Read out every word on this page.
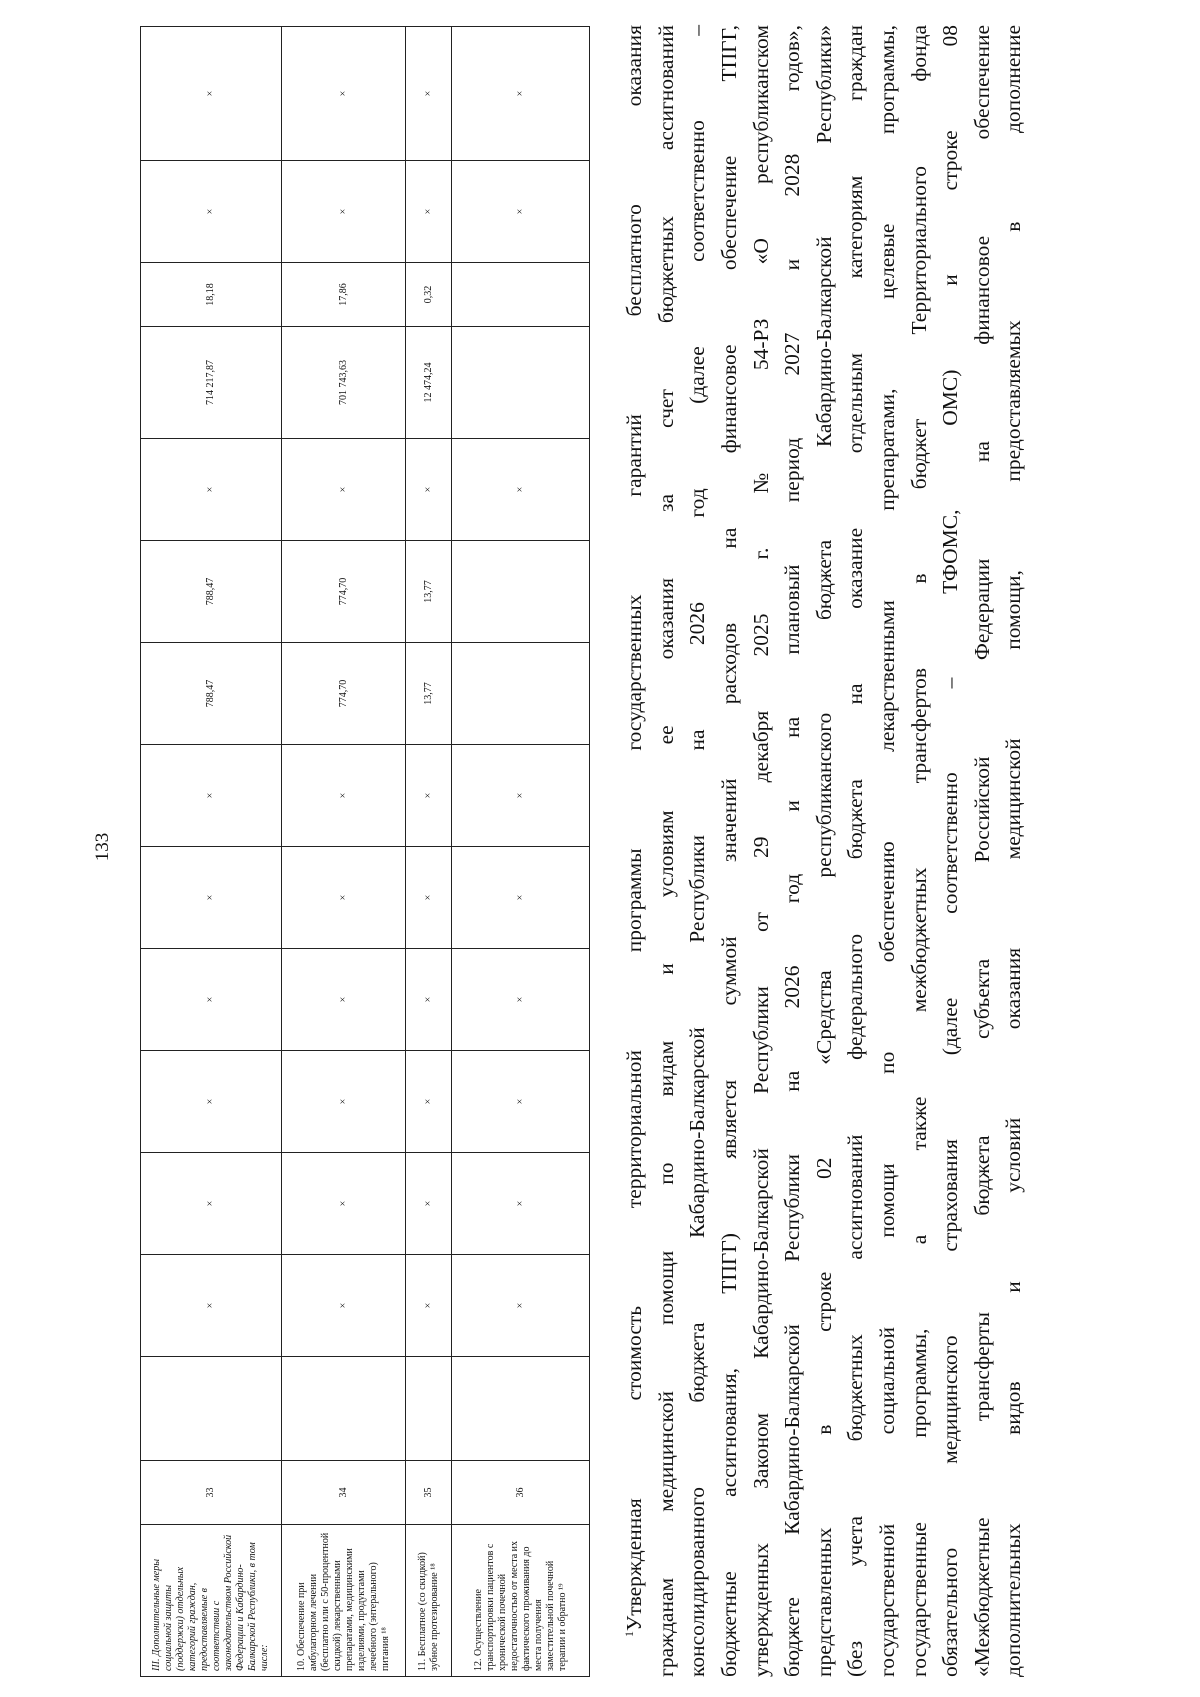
133
III. Дополнительные меры социальной защиты (поддержки) отдельных категорий граждан, предоставляемые в соответствии с законодательством Российской Федерации и Кабардино-Балкарской Республики, в том числе:	33		×	×	×	×	×	×	788,47	788,47	×	714 217,87	18,18	×	×
10. Обеспечение при амбулаторном лечении (бесплатно или с 50-процентной скидкой) лекарственными препаратами, медицинскими изделиями, продуктами лечебного (энтерального) питания ¹⁸	34		×	×	×	×	×	×	774,70	774,70	×	701 743,63	17,86	×	×
11. Бесплатное (со скидкой) зубное протезирование ¹⁸	35		×	×	×	×	×	×	13,77	13,77	×	12 474,24	0,32	×	×
12. Осуществление транспортировки пациентов с хронической почечной недостаточностью от места их фактического проживания до места получения заместительной почечной терапии и обратно ¹⁹	36		×	×	×	×	×	×			×			×	×
$^1$Утвержденная стоимость территориальной программы государственных гарантий бесплатного оказания гражданам медицинской помощи по видам и условиям ее оказания за счет бюджетных ассигнований консолидированного бюджета Кабардино-Балкарской Республики на 2026 год (далее соответственно – бюджетные ассигнования, ТПГГ) является суммой значений расходов на финансовое обеспечение ТПГГ, утвержденных Законом Кабардино-Балкарской Республики от 29 декабря 2025 г. № 54-РЗ «О республиканском бюджете Кабардино-Балкарской Республики на 2026 год и на плановый период 2027 и 2028 годов», представленных в строке 02 «Средства республиканского бюджета Кабардино-Балкарской Республики» (без учета бюджетных ассигнований федерального бюджета на оказание отдельным категориям граждан государственной социальной помощи по обеспечению лекарственными препаратами, целевые программы, государственные программы, а также межбюджетных трансфертов в бюджет Территориального фонда обязательного медицинского страхования (далее соответственно – ТФОМС, ОМС) и строке 08 «Межбюджетные трансферты бюджета субъекта Российской Федерации на финансовое обеспечение дополнительных видов и условий оказания медицинской помощи, предоставляемых в дополнение
